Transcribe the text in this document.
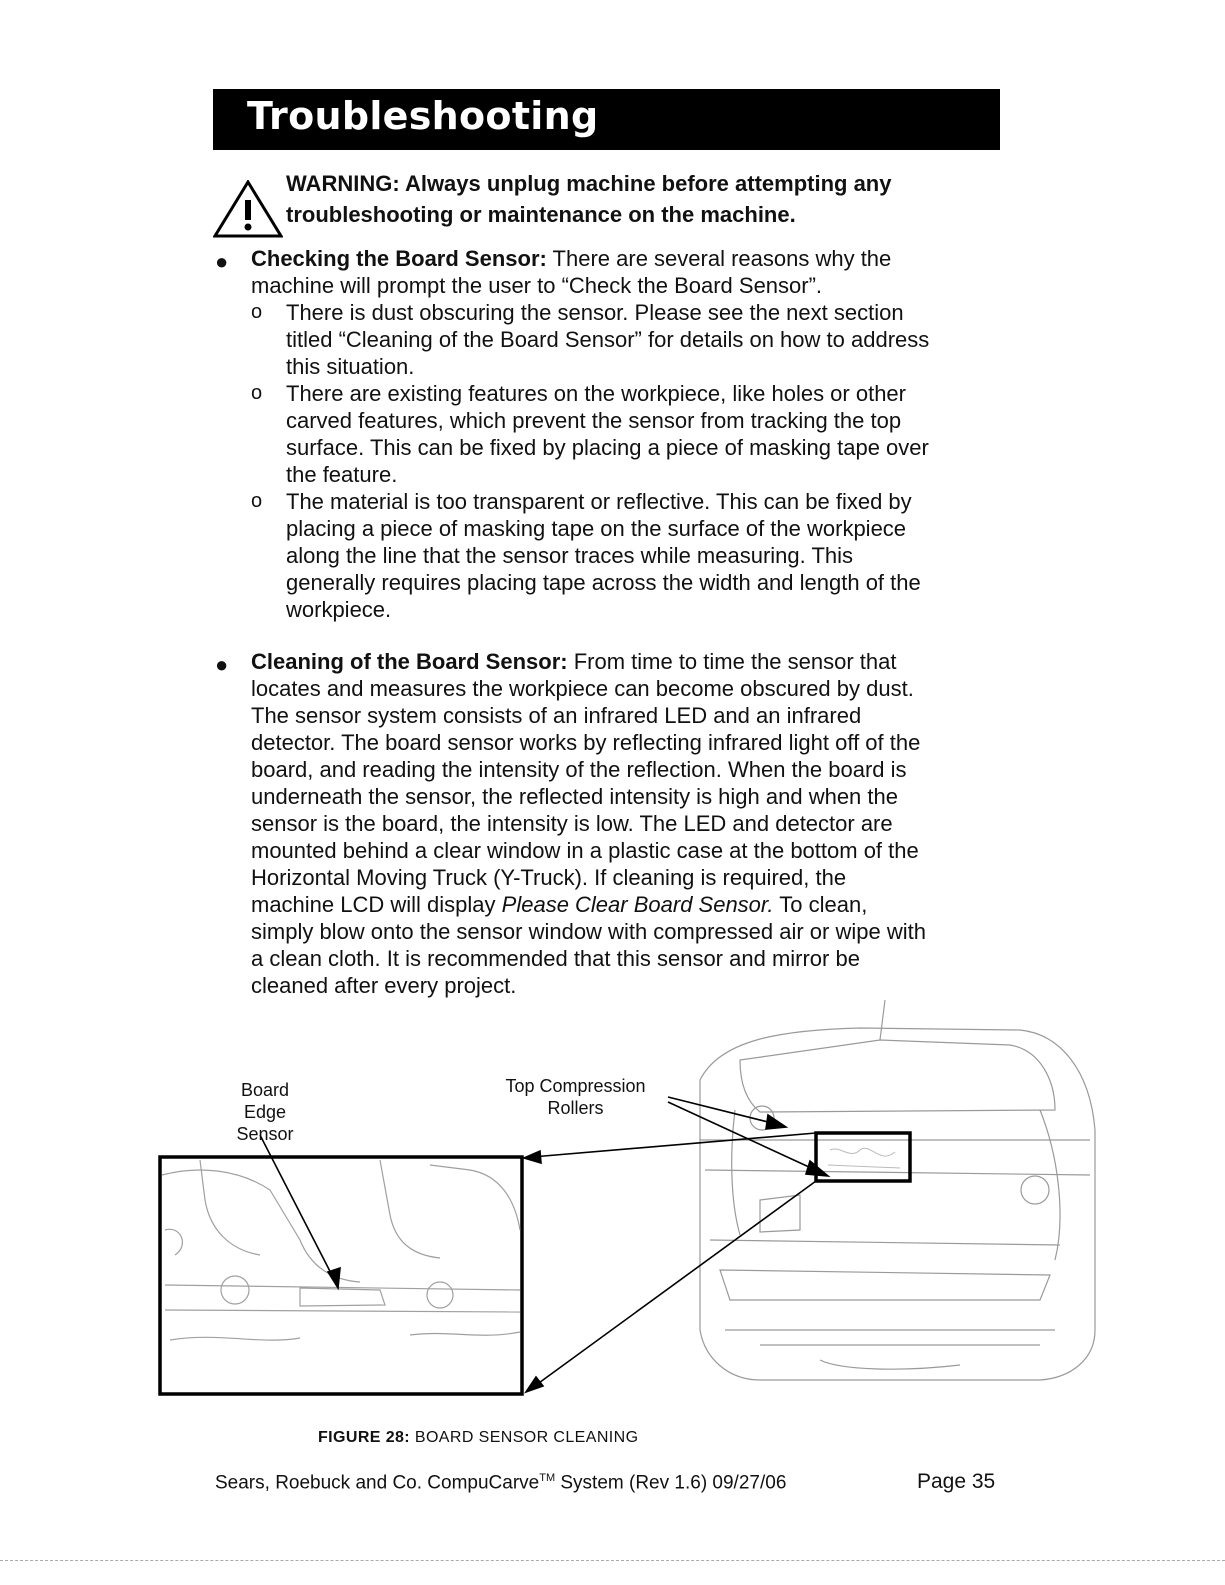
Troubleshooting
WARNING: Always unplug machine before attempting any
troubleshooting or maintenance on the machine.
● Checking the Board Sensor: There are several reasons why the
machine will prompt the user to “Check the Board Sensor”.
o There is dust obscuring the sensor. Please see the next section
titled “Cleaning of the Board Sensor” for details on how to address
this situation.
o There are existing features on the workpiece, like holes or other
carved features, which prevent the sensor from tracking the top
surface. This can be fixed by placing a piece of masking tape over
the feature.
o The material is too transparent or reflective. This can be fixed by
placing a piece of masking tape on the surface of the workpiece
along the line that the sensor traces while measuring. This
generally requires placing tape across the width and length of the
workpiece.
● Cleaning of the Board Sensor: From time to time the sensor that
locates and measures the workpiece can become obscured by dust.
The sensor system consists of an infrared LED and an infrared
detector. The board sensor works by reflecting infrared light off of the
board, and reading the intensity of the reflection. When the board is
underneath the sensor, the reflected intensity is high and when the
sensor is the board, the intensity is low. The LED and detector are
mounted behind a clear window in a plastic case at the bottom of the
Horizontal Moving Truck (Y-Truck). If cleaning is required, the
machine LCD will display Please Clear Board Sensor. To clean,
simply blow onto the sensor window with compressed air or wipe with
a clean cloth. It is recommended that this sensor and mirror be
cleaned after every project.
Board Edge
Sensor
Top Compression
Rollers
FIGURE 28: BOARD SENSOR CLEANING
Sears, Roebuck and Co. CompuCarve™ System (Rev 1.6) 09/27/06	Page 35
